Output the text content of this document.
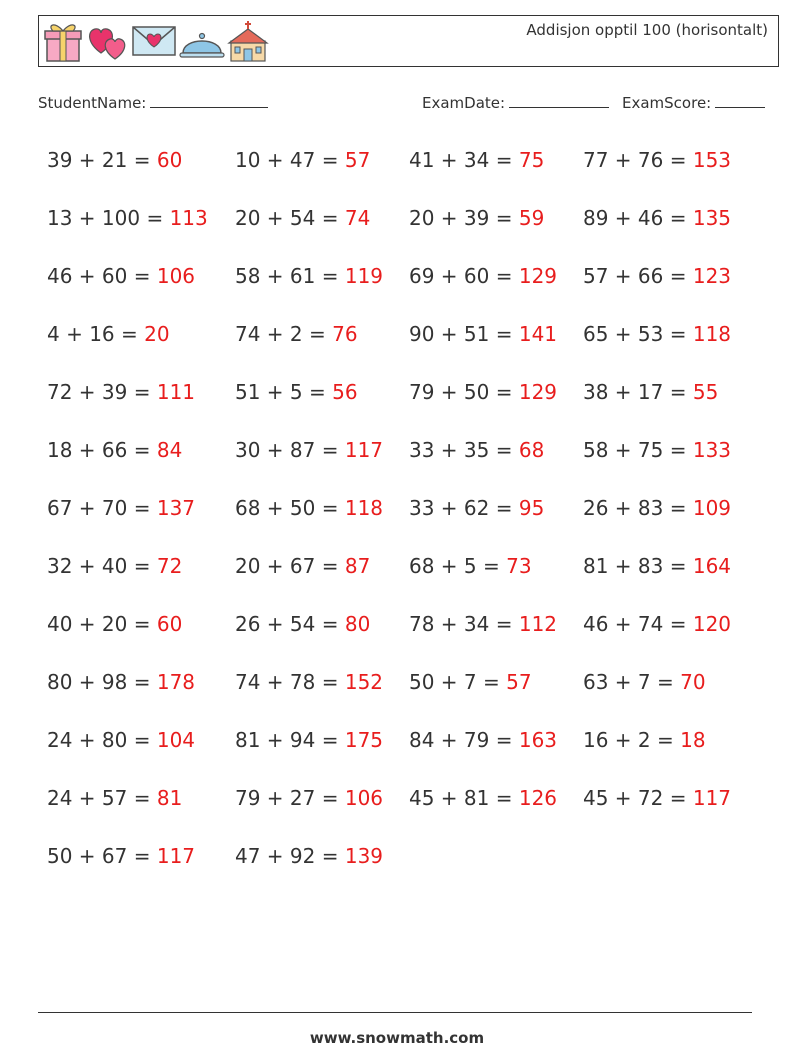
Addisjon opptil 100 (horisontalt)
StudentName:	ExamDate:	ExamScore:
39 + 21 = 60	10 + 47 = 57 41 + 34 = 75 77 + 76 = 153
13 + 100 = 113 20 + 54 = 74 20 + 39 = 59 89 + 46 = 135
46 + 60 = 106 58 + 61 = 119 69 + 60 = 129 57 + 66 = 123
4 + 16 = 20	74 + 2 = 76	90 + 51 = 141 65 + 53 = 118
72 + 39 = 111 51 + 5 = 56	79 + 50 = 129 38 + 17 = 55
18 + 66 = 84	30 + 87 = 117 33 + 35 = 68 58 + 75 = 133
67 + 70 = 137 68 + 50 = 118 33 + 62 = 95 26 + 83 = 109
32 + 40 = 72	20 + 67 = 87 68 + 5 = 73	81 + 83 = 164
40 + 20 = 60	26 + 54 = 80 78 + 34 = 112 46 + 74 = 120
80 + 98 = 178 74 + 78 = 152 50 + 7 = 57	63 + 7 = 70
24 + 80 = 104 81 + 94 = 175 84 + 79 = 163 16 + 2 = 18
24 + 57 = 81	79 + 27 = 106 45 + 81 = 126 45 + 72 = 117
50 + 67 = 117 47 + 92 = 139
www.snowmath.com
